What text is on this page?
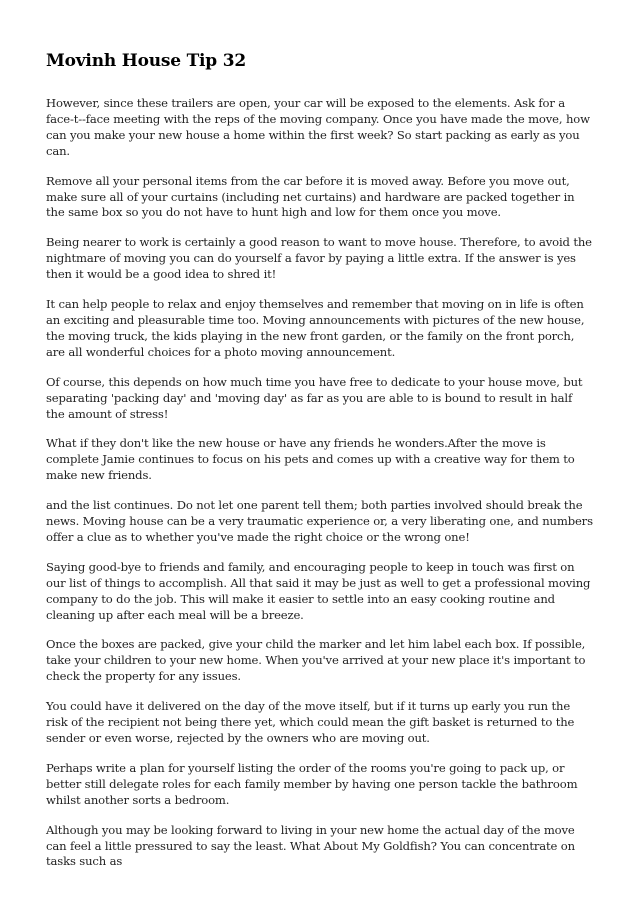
Movinh House Tip 32

However, since these trailers are open, your car will be exposed to the elements. Ask for a face-t--face meeting with the reps of the moving company. Once you have made the move, how can you make your new house a home within the first week? So start packing as early as you can.

Remove all your personal items from the car before it is moved away. Before you move out, make sure all of your curtains (including net curtains) and hardware are packed together in the same box so you do not have to hunt high and low for them once you move.

Being nearer to work is certainly a good reason to want to move house. Therefore, to avoid the nightmare of moving you can do yourself a favor by paying a little extra. If the answer is yes then it would be a good idea to shred it!

It can help people to relax and enjoy themselves and remember that moving on in life is often an exciting and pleasurable time too. Moving announcements with pictures of the new house, the moving truck, the kids playing in the new front garden, or the family on the front porch, are all wonderful choices for a photo moving announcement.

Of course, this depends on how much time you have free to dedicate to your house move, but separating 'packing day' and 'moving day' as far as you are able to is bound to result in half the amount of stress!

What if they don't like the new house or have any friends he wonders.After the move is complete Jamie continues to focus on his pets and comes up with a creative way for them to make new friends.

and the list continues. Do not let one parent tell them; both parties involved should break the news. Moving house can be a very traumatic experience or, a very liberating one, and numbers offer a clue as to whether you've made the right choice or the wrong one!

Saying good-bye to friends and family, and encouraging people to keep in touch was first on our list of things to accomplish. All that said it may be just as well to get a professional moving company to do the job. This will make it easier to settle into an easy cooking routine and cleaning up after each meal will be a breeze.

Once the boxes are packed, give your child the marker and let him label each box. If possible, take your children to your new home. When you've arrived at your new place it's important to check the property for any issues.

You could have it delivered on the day of the move itself, but if it turns up early you run the risk of the recipient not being there yet, which could mean the gift basket is returned to the sender or even worse, rejected by the owners who are moving out.

Perhaps write a plan for yourself listing the order of the rooms you're going to pack up, or better still delegate roles for each family member by having one person tackle the bathroom whilst another sorts a bedroom.

Although you may be looking forward to living in your new home the actual day of the move can feel a little pressured to say the least. What About My Goldfish? You can concentrate on tasks such as
